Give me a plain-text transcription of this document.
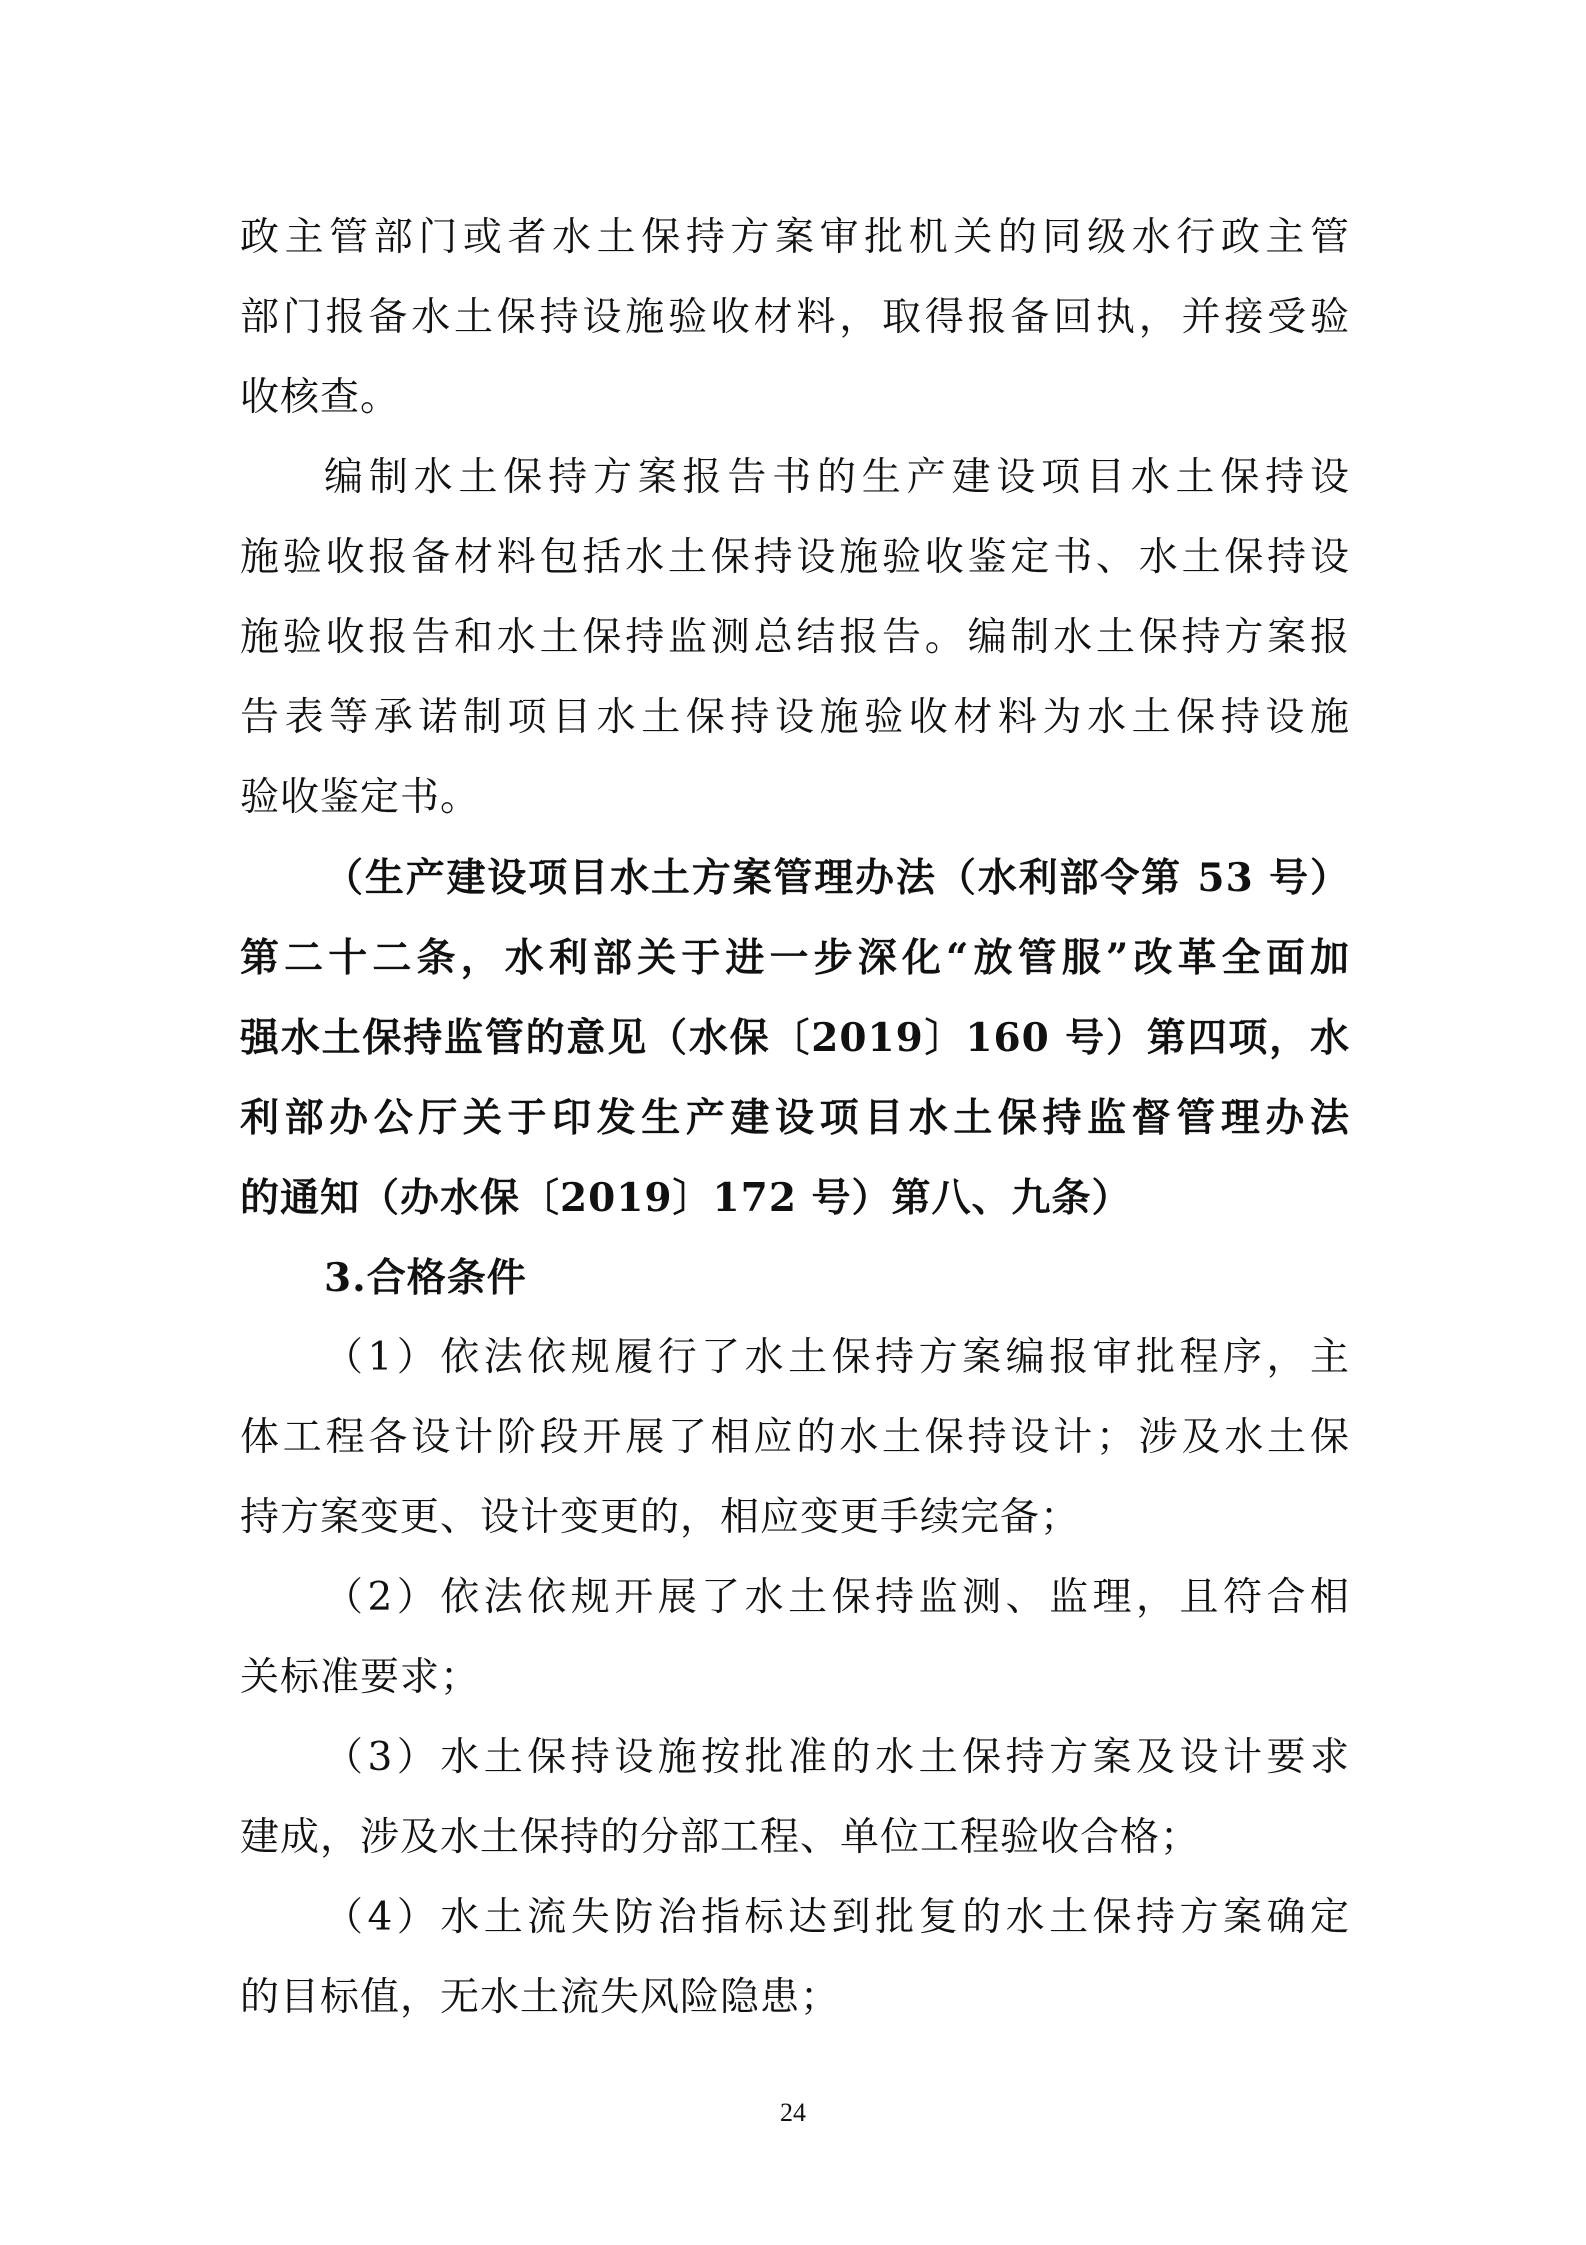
政主管部门或者水土保持方案审批机关的同级水行政主管
部门报备水土保持设施验收材料，取得报备回执，并接受验
收核查。
编制水土保持方案报告书的生产建设项目水土保持设
施验收报备材料包括水土保持设施验收鉴定书、水土保持设
施验收报告和水土保持监测总结报告。编制水土保持方案报
告表等承诺制项目水土保持设施验收材料为水土保持设施
验收鉴定书。
（生产建设项目水土方案管理办法（水利部令第 53 号）
第二十二条，水利部关于进一步深化“放管服”改革全面加
强水土保持监管的意见（水保〔2019〕160 号）第四项，水
利部办公厅关于印发生产建设项目水土保持监督管理办法
的通知（办水保〔2019〕172 号）第八、九条）
3.合格条件
（1）依法依规履行了水土保持方案编报审批程序，主
体工程各设计阶段开展了相应的水土保持设计；涉及水土保
持方案变更、设计变更的，相应变更手续完备；
（2）依法依规开展了水土保持监测、监理，且符合相
关标准要求；
（3）水土保持设施按批准的水土保持方案及设计要求
建成，涉及水土保持的分部工程、单位工程验收合格；
（4）水土流失防治指标达到批复的水土保持方案确定
的目标值，无水土流失风险隐患；
24
